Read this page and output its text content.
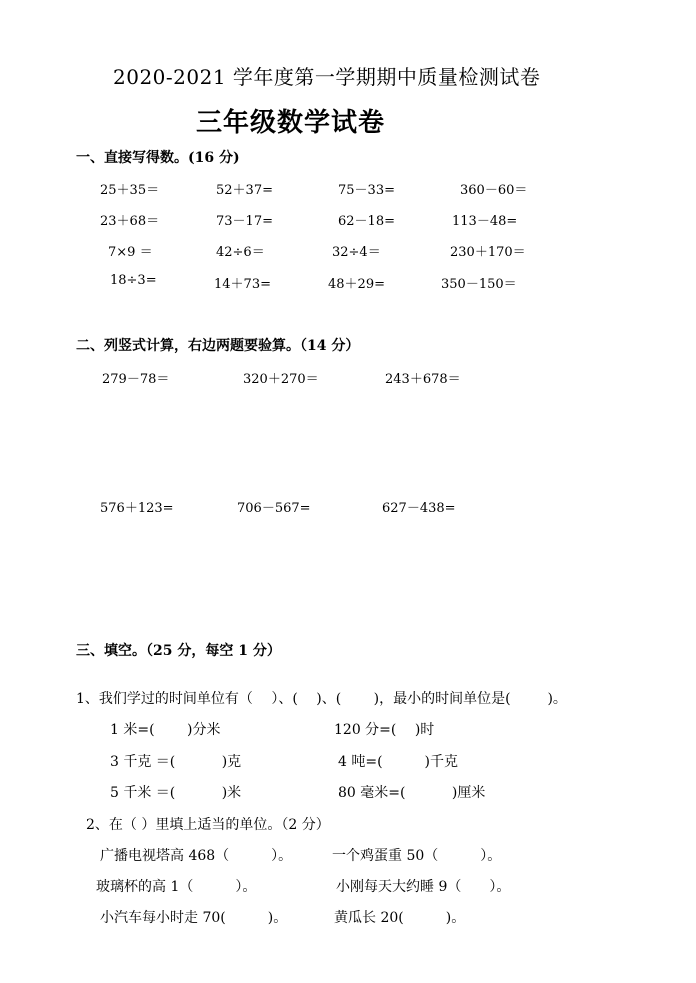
2020-2021 学年度第一学期期中质量检测试卷
三年级数学试卷
一、直接写得数。(16 分)
25＋35＝	52＋37=	75－33=	360－60＝
23＋68＝	73－17=	62－18=	113－48=
7×9 ＝	42÷6＝	32÷4＝	230＋170＝
18÷3=	14＋73=	48＋29=	350－150＝
二、列竖式计算，右边两题要验算。（14 分）
279－78＝	320＋270＝	243＋678＝
576＋123=	706－567=	627－438=
三、填空。（25 分，每空 1 分）
1、我们学过的时间单位有（　 ）、(　 )、(　 　)，最小的时间单位是(　 　 )。
1 米=(　　 )分米	120 分=(　 )时
3 千克 ＝(　　 　)克	4 吨=(　　　)千克
5 千米 ＝(　　 　)米	80 毫米=(　　 　)厘米
2、在（ ）里填上适当的单位。（2 分）
广播电视塔高 468（　　　）。	一个鸡蛋重 50（　　　）。
玻璃杯的高 1（　　　）。	小刚每天大约睡 9（　　）。
小汽车每小时走 70(　　　)。	黄瓜长 20(　　　)。
